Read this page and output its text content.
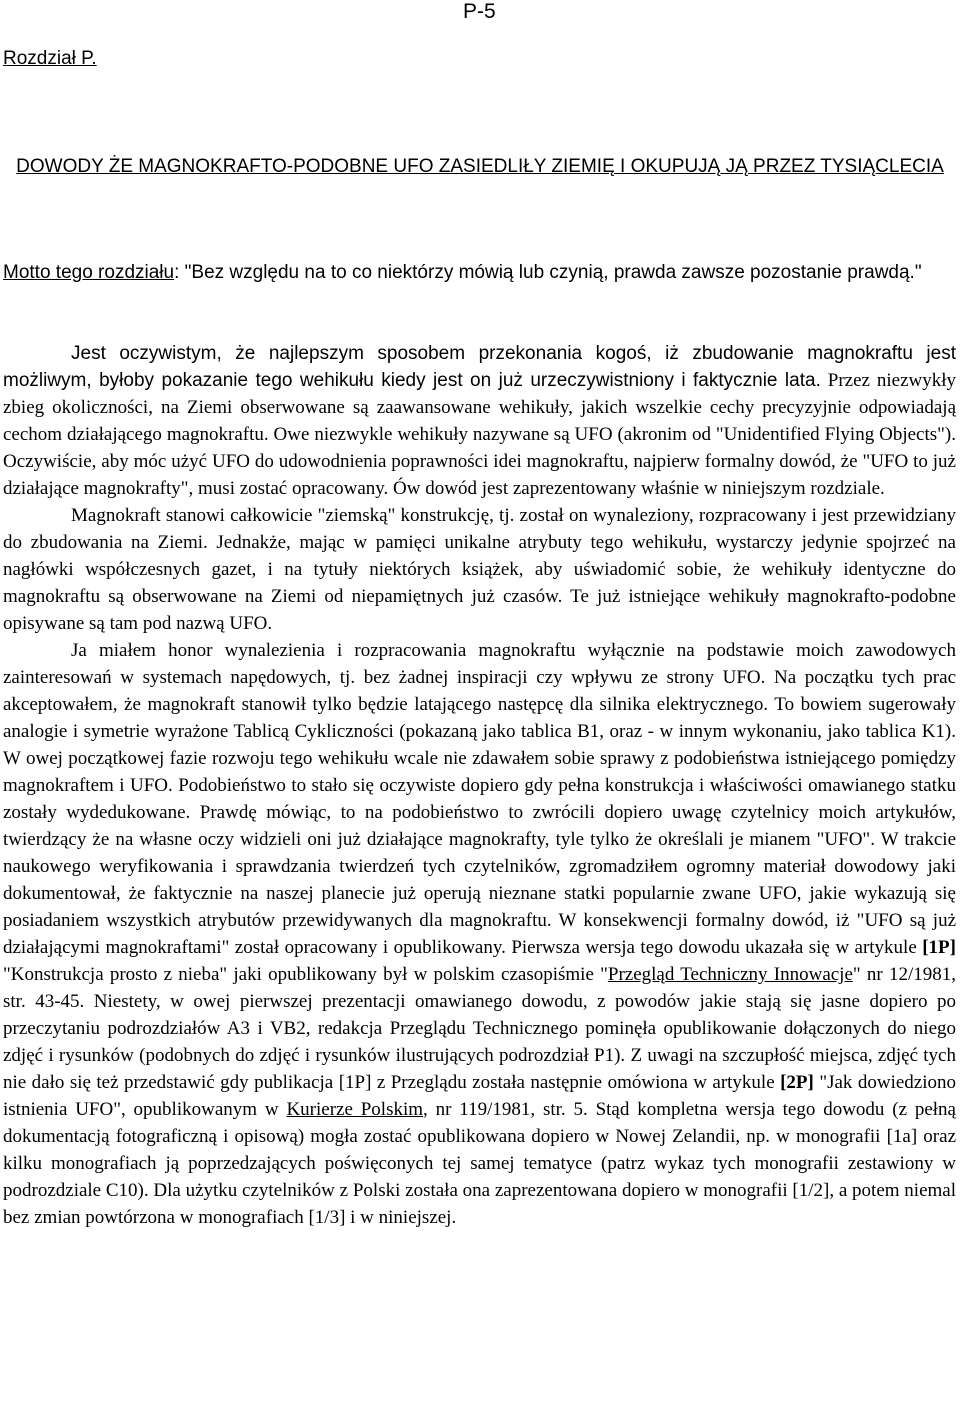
P-5
Rozdział P.
DOWODY ŻE MAGNOKRAFTO-PODOBNE UFO ZASIEDLIŁY ZIEMIĘ I OKUPUJĄ JĄ PRZEZ TYSIĄCLECIA
Motto tego rozdziału: "Bez względu na to co niektórzy mówią lub czynią, prawda zawsze pozostanie prawdą."

Jest oczywistym, że najlepszym sposobem przekonania kogoś, iż zbudowanie magnokraftu jest możliwym, byłoby pokazanie tego wehikułu kiedy jest on już urzeczywistniony i faktycznie lata. Przez niezwykły zbieg okoliczności, na Ziemi obserwowane są zaawansowane wehikuły, jakich wszelkie cechy precyzyjnie odpowiadają cechom działającego magnokraftu. Owe niezwykle wehikuły nazywane są UFO (akronim od "Unidentified Flying Objects"). Oczywiście, aby móc użyć UFO do udowodnienia poprawności idei magnokraftu, najpierw formalny dowód, że "UFO to już działające magnokrafty", musi zostać opracowany. Ów dowód jest zaprezentowany właśnie w niniejszym rozdziale.

Magnokraft stanowi całkowicie "ziemską" konstrukcję, tj. został on wynaleziony, rozpracowany i jest przewidziany do zbudowania na Ziemi. Jednakże, mając w pamięci unikalne atrybuty tego wehikułu, wystarczy jedynie spojrzeć na nagłówki współczesnych gazet, i na tytuły niektórych książek, aby uświadomić sobie, że wehikuły identyczne do magnokraftu są obserwowane na Ziemi od niepamiętnych już czasów. Te już istniejące wehikuły magnokrafto-podobne opisywane są tam pod nazwą UFO.

Ja miałem honor wynalezienia i rozpracowania magnokraftu wyłącznie na podstawie moich zawodowych zainteresowań w systemach napędowych, tj. bez żadnej inspiracji czy wpływu ze strony UFO. Na początku tych prac akceptowałem, że magnokraft stanowił tylko będzie latającego następcę dla silnika elektrycznego. To bowiem sugerowały analogie i symetrie wyrażone Tablicą Cykliczności (pokazaną jako tablica B1, oraz - w innym wykonaniu, jako tablica K1). W owej początkowej fazie rozwoju tego wehikułu wcale nie zdawałem sobie sprawy z podobieństwa istniejącego pomiędzy magnokraftem i UFO. Podobieństwo to stało się oczywiste dopiero gdy pełna konstrukcja i właściwości omawianego statku zostały wydedukowane. Prawdę mówiąc, to na podobieństwo to zwrócili dopiero uwagę czytelnicy moich artykułów, twierdzący że na własne oczy widzieli oni już działające magnokrafty, tyle tylko że określali je mianem "UFO". W trakcie naukowego weryfikowania i sprawdzania twierdzeń tych czytelników, zgromadziłem ogromny materiał dowodowy jaki dokumentował, że faktycznie na naszej planecie już operują nieznane statki popularnie zwane UFO, jakie wykazują się posiadaniem wszystkich atrybutów przewidywanych dla magnokraftu. W konsekwencji formalny dowód, iż "UFO są już działającymi magnokraftami" został opracowany i opublikowany. Pierwsza wersja tego dowodu ukazała się w artykule [1P] "Konstrukcja prosto z nieba" jaki opublikowany był w polskim czasopiśmie "Przegląd Techniczny Innowacje" nr 12/1981, str. 43-45. Niestety, w owej pierwszej prezentacji omawianego dowodu, z powodów jakie stają się jasne dopiero po przeczytaniu podrozdziałów A3 i VB2, redakcja Przeglądu Technicznego pominęła opublikowanie dołączonych do niego zdjęć i rysunków (podobnych do zdjęć i rysunków ilustrujących podrozdział P1). Z uwagi na szczupłość miejsca, zdjęć tych nie dało się też przedstawić gdy publikacja [1P] z Przeglądu została następnie omówiona w artykule [2P] "Jak dowiedziono istnienia UFO", opublikowanym w Kurierze Polskim, nr 119/1981, str. 5. Stąd kompletna wersja tego dowodu (z pełną dokumentacją fotograficzną i opisową) mogła zostać opublikowana dopiero w Nowej Zelandii, np. w monografii [1a] oraz kilku monografiach ją poprzedzających poświęconych tej samej tematyce (patrz wykaz tych monografii zestawiony w podrozdziale C10). Dla użytku czytelników z Polski została ona zaprezentowana dopiero w monografii [1/2], a potem niemal bez zmian powtórzona w monografiach [1/3] i w niniejszej.
